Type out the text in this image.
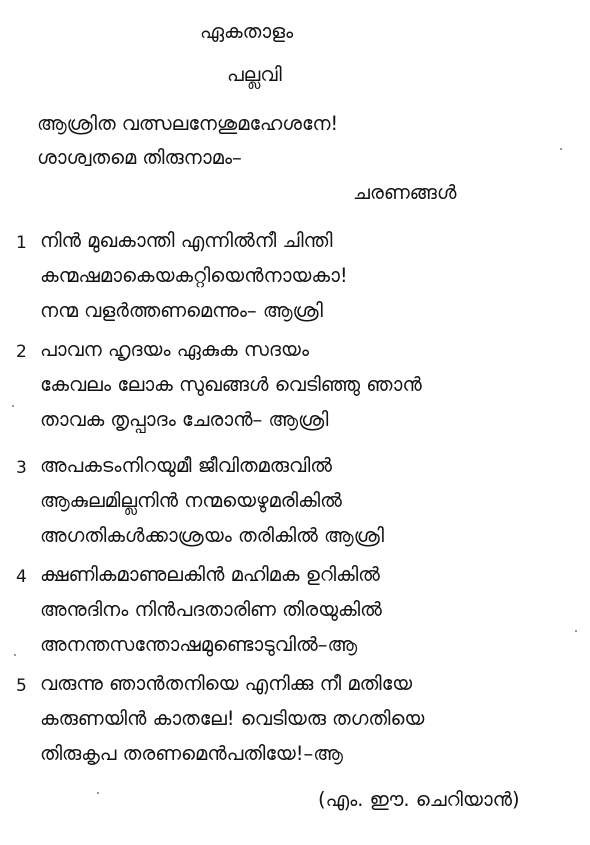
ഏകതാളം
പല്ലവി
ആശ്രിത വത്സലനേശുമഹേശനേ!
ശാശ്വതമെ തിരുനാമം–
ചരണങ്ങൾ
1 നിൻ മുഖകാന്തി എന്നിൽനീ ചിന്തി
കന്മഷമാകെയകറ്റിയെൻനായകാ!
നന്മ വളർത്തണമെന്നും– ആശ്രി
2 പാവന ഹൃദയം ഏകുക സദയം
കേവലം ലോക സുഖങ്ങൾ വെടിഞ്ഞു ഞാൻ
താവക തൃപ്പാദം ചേരാൻ– ആശ്രി
3 അപകടംനിറയുമീ ജീവിതമരുവിൽ
ആകുലമില്ലനിൻ നന്മയെഴുമരികിൽ
അഗതികൾക്കാശ്രയം തരികിൽ ആശ്രി
4 ക്ഷണികമാണുലകിൻ മഹിമക ഉറികിൽ
അനുദിനം നിൻപദതാരിണ തിരയുകിൽ
അനന്തസന്തോഷമുണ്ടൊടുവിൽ–ആ
5 വരുന്നു ഞാൻതനിയെ എനിക്കു നീ മതിയേ
കരുണയിൻ കാതലേ! വെടിയരു തഗതിയെ
തിരുകൃപ തരണമെൻപതിയേ!–ആ
(എം. ഈ. ചെറിയാൻ)
